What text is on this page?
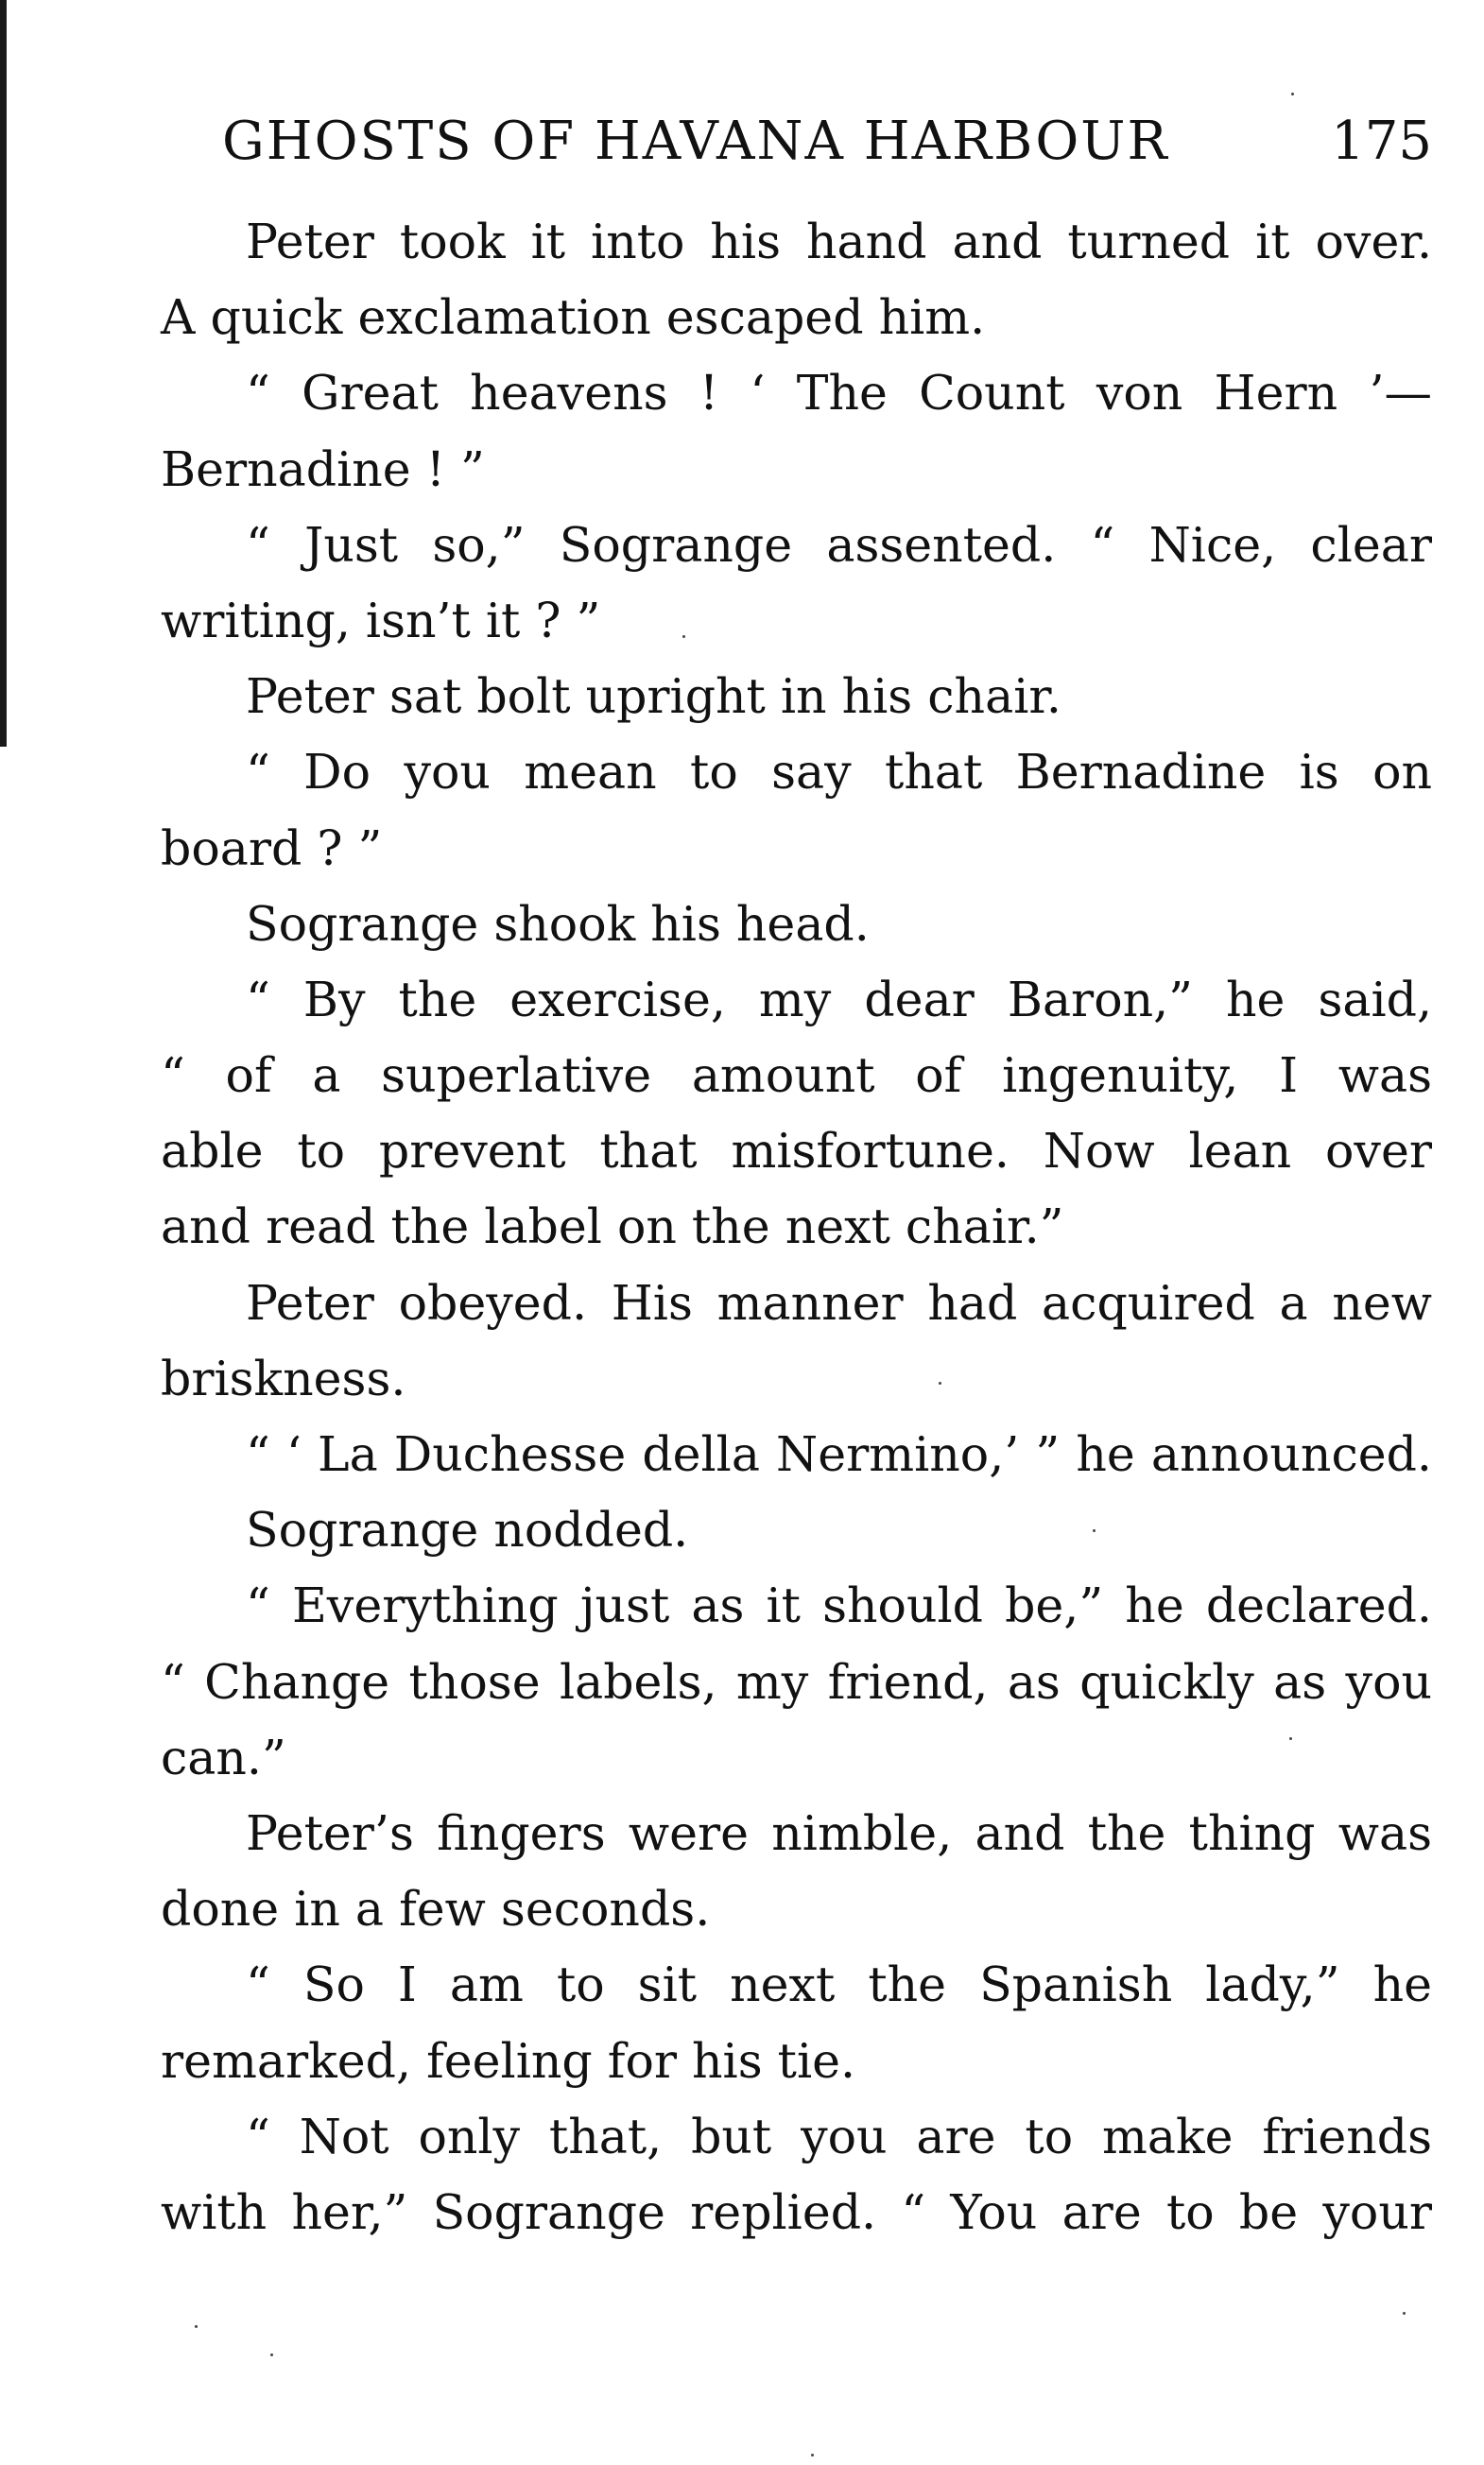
GHOSTS OF HAVANA HARBOUR	175
Peter took it into his hand and turned it over.
A quick exclamation escaped him.
“ Great heavens ! ‘ The Count von Hern ’—
Bernadine ! ”
“ Just so,” Sogrange assented. “ Nice, clear
writing, isn’t it ? ”
Peter sat bolt upright in his chair.
“ Do you mean to say that Bernadine is on
board ? ”
Sogrange shook his head.
“ By the exercise, my dear Baron,” he said,
“ of a superlative amount of ingenuity, I was
able to prevent that misfortune. Now lean over
and read the label on the next chair.”
Peter obeyed. His manner had acquired a new
briskness.
“ ‘ La Duchesse della Nermino,’ ” he announced.
Sogrange nodded.
“ Everything just as it should be,” he declared.
“ Change those labels, my friend, as quickly as you
can.”
Peter’s fingers were nimble, and the thing was
done in a few seconds.
“ So I am to sit next the Spanish lady,” he
remarked, feeling for his tie.
“ Not only that, but you are to make friends
with her,” Sogrange replied. “ You are to be your
